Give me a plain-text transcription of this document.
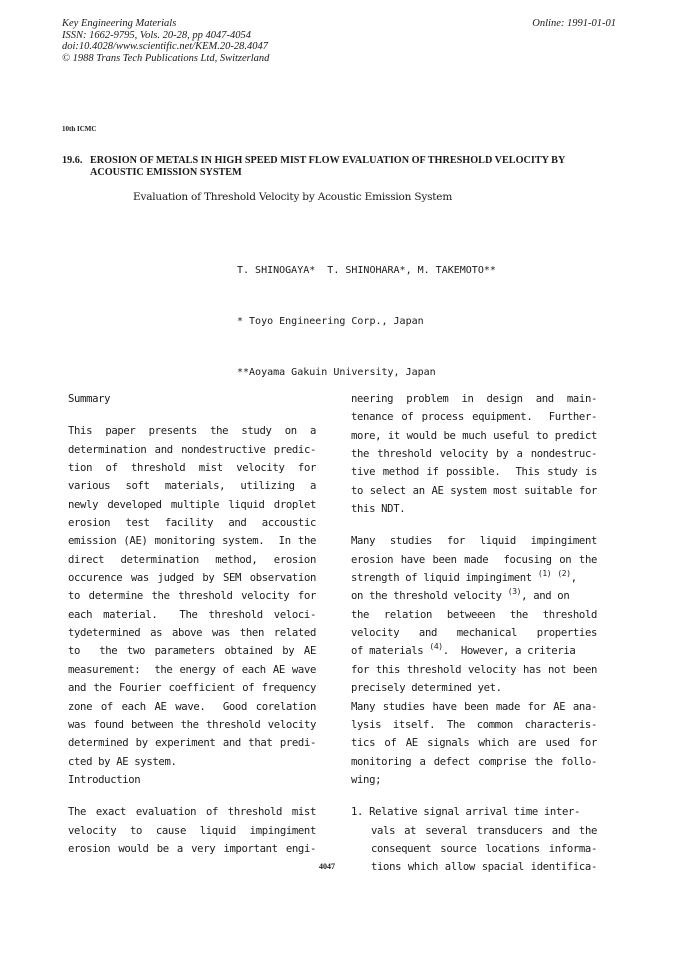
Key Engineering Materials
ISSN: 1662-9795, Vols. 20-28, pp 4047-4054
doi:10.4028/www.scientific.net/KEM.20-28.4047
© 1988 Trans Tech Publications Ltd, Switzerland
Online: 1991-01-01
10th ICMC
19.6. EROSION OF METALS IN HIGH SPEED MIST FLOW EVALUATION OF THRESHOLD VELOCITY BY
ACOUSTIC EMISSION SYSTEM
Evaluation of Threshold Velocity by Acoustic Emission System

T. SHINOGAYA*  T. SHINOHARA*, M. TAKEMOTO**

* Toyo Engineering Corp., Japan

**Aoyama Gakuin University, Japan

Summary
This paper presents the study on a
determination and nondestructive predic-
tion of threshold mist velocity for
various soft materials, utilizing a
newly developed multiple liquid droplet
erosion test facility and accoustic
emission (AE) monitoring system.  In the
direct determination method, erosion
occurence was judged by SEM observation
to determine the threshold velocity for
each material.  The threshold veloci-
tydetermined as above was then related
to  the two parameters obtained by AE
measurement:  the energy of each AE wave
and the Fourier coefficient of frequency
zone of each AE wave.  Good corelation
was found between the threshold velocity
determined by experiment and that predi-
cted by AE system.
Introduction
The exact evaluation of threshold mist
velocity to cause liquid impingiment
erosion would be a very important engi-
neering problem in design and main-
tenance of process equipment.  Further-
more, it would be much useful to predict
the threshold velocity by a nondestruc-
tive method if possible.  This study is
to select an AE system most suitable for
this NDT.
Many studies for liquid impingiment
erosion have been made  focusing on the
strength of liquid impingiment $^{(1)}$ $^{(2)}$,
on the threshold velocity $^{(3)}$, and on
the relation betweeen the threshold
velocity and mechanical properties
of materials $^{(4)}$.  However, a criteria
for this threshold velocity has not been
precisely determined yet.
Many studies have been made for AE ana-
lysis itself. The common characteris-
tics of AE signals which are used for
monitoring a defect comprise the follo-
wing;
1. Relative signal arrival time inter-
vals at several transducers and the
consequent source locations informa-
tions which allow spacial identifica-
4047
